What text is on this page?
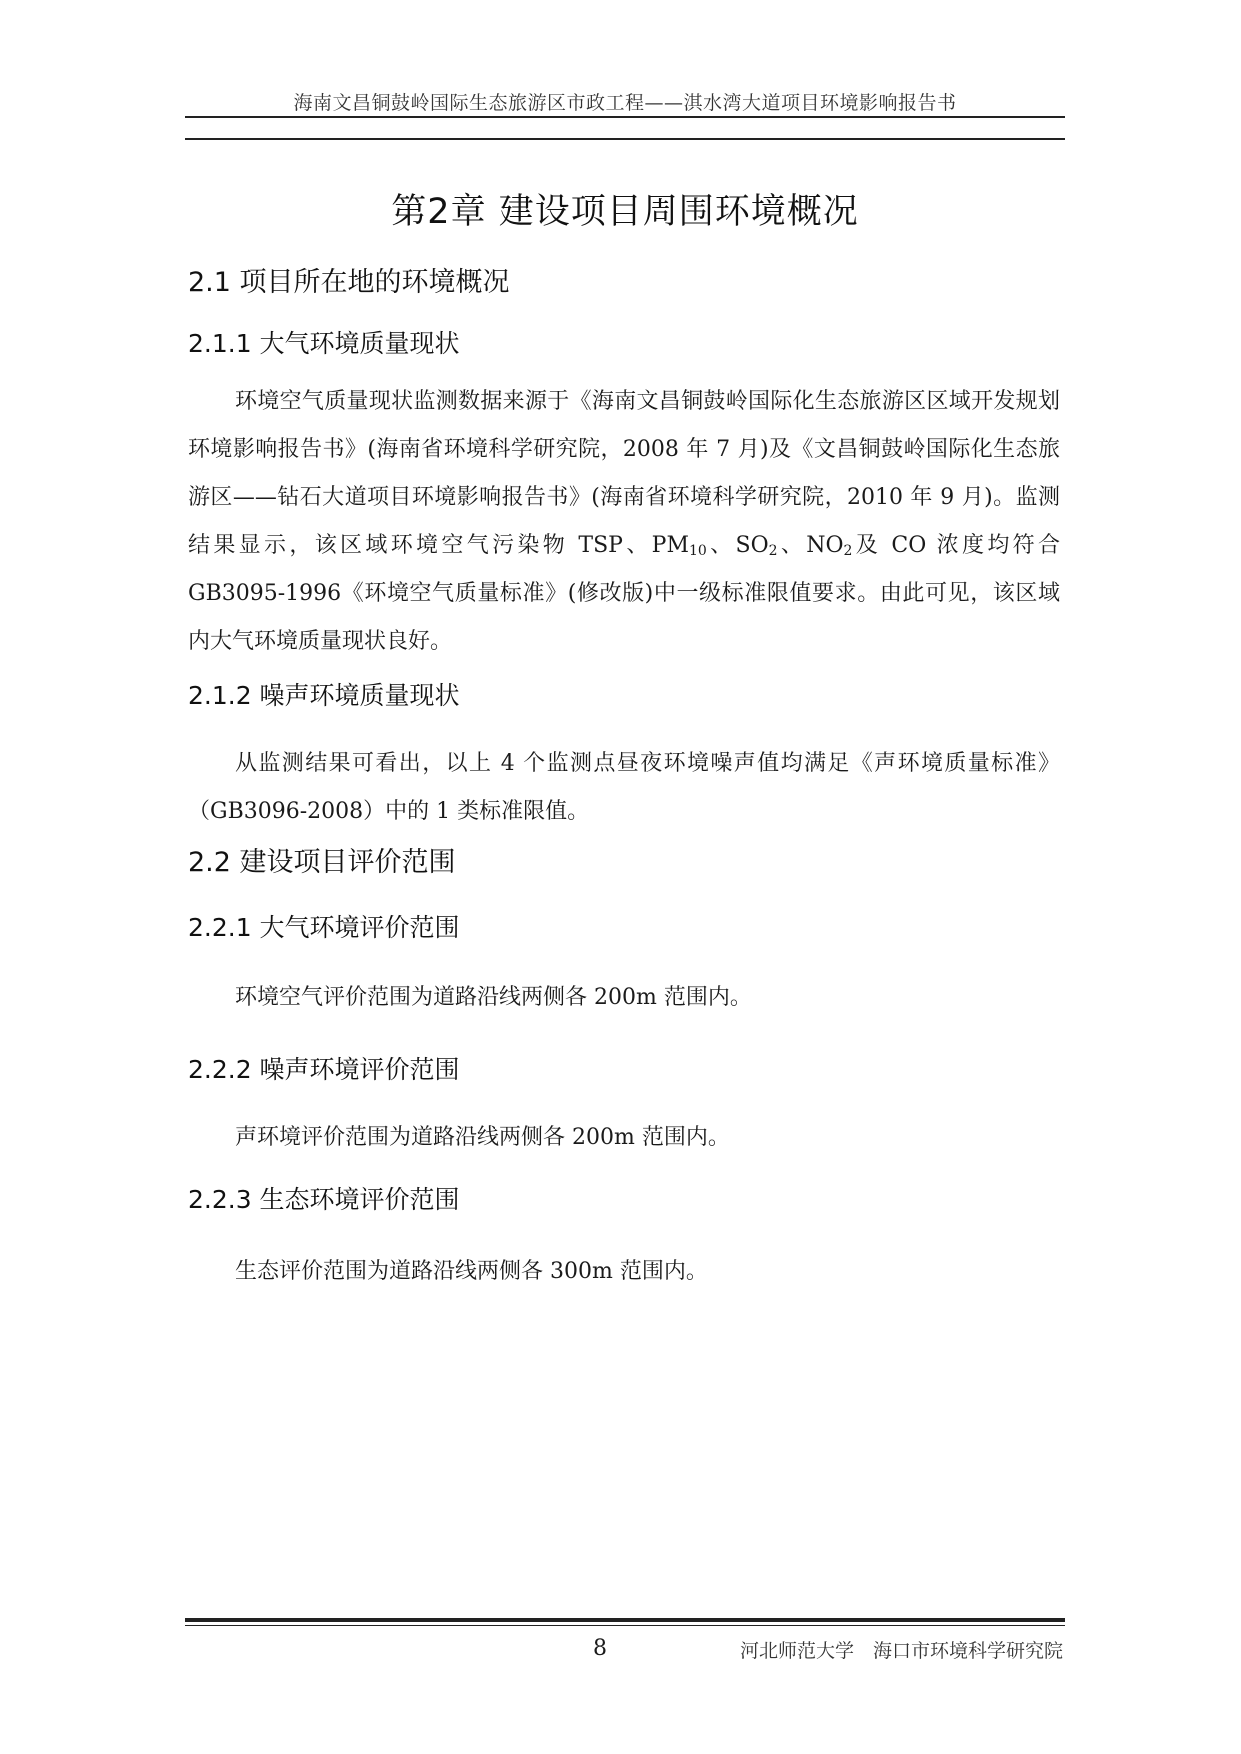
海南文昌铜鼓岭国际生态旅游区市政工程——淇水湾大道项目环境影响报告书
第2章 建设项目周围环境概况
2.1 项目所在地的环境概况
2.1.1 大气环境质量现状
环境空气质量现状监测数据来源于《海南文昌铜鼓岭国际化生态旅游区区域开发规划环境影响报告书》(海南省环境科学研究院，2008 年 7 月)及《文昌铜鼓岭国际化生态旅游区——钻石大道项目环境影响报告书》(海南省环境科学研究院，2010 年 9 月)。监测结果显示，该区域环境空气污染物 TSP、$PM_{10}$、$SO_2$、$NO_2$及 CO 浓度均符合 GB3095-1996《环境空气质量标准》(修改版)中一级标准限值要求。由此可见，该区域内大气环境质量现状良好。
2.1.2 噪声环境质量现状
从监测结果可看出，以上 4 个监测点昼夜环境噪声值均满足《声环境质量标准》（GB3096-2008）中的 1 类标准限值。
2.2 建设项目评价范围
2.2.1 大气环境评价范围
环境空气评价范围为道路沿线两侧各 200m 范围内。
2.2.2 噪声环境评价范围
声环境评价范围为道路沿线两侧各 200m 范围内。
2.2.3 生态环境评价范围
生态评价范围为道路沿线两侧各 300m 范围内。
8	河北师范大学　海口市环境科学研究院
